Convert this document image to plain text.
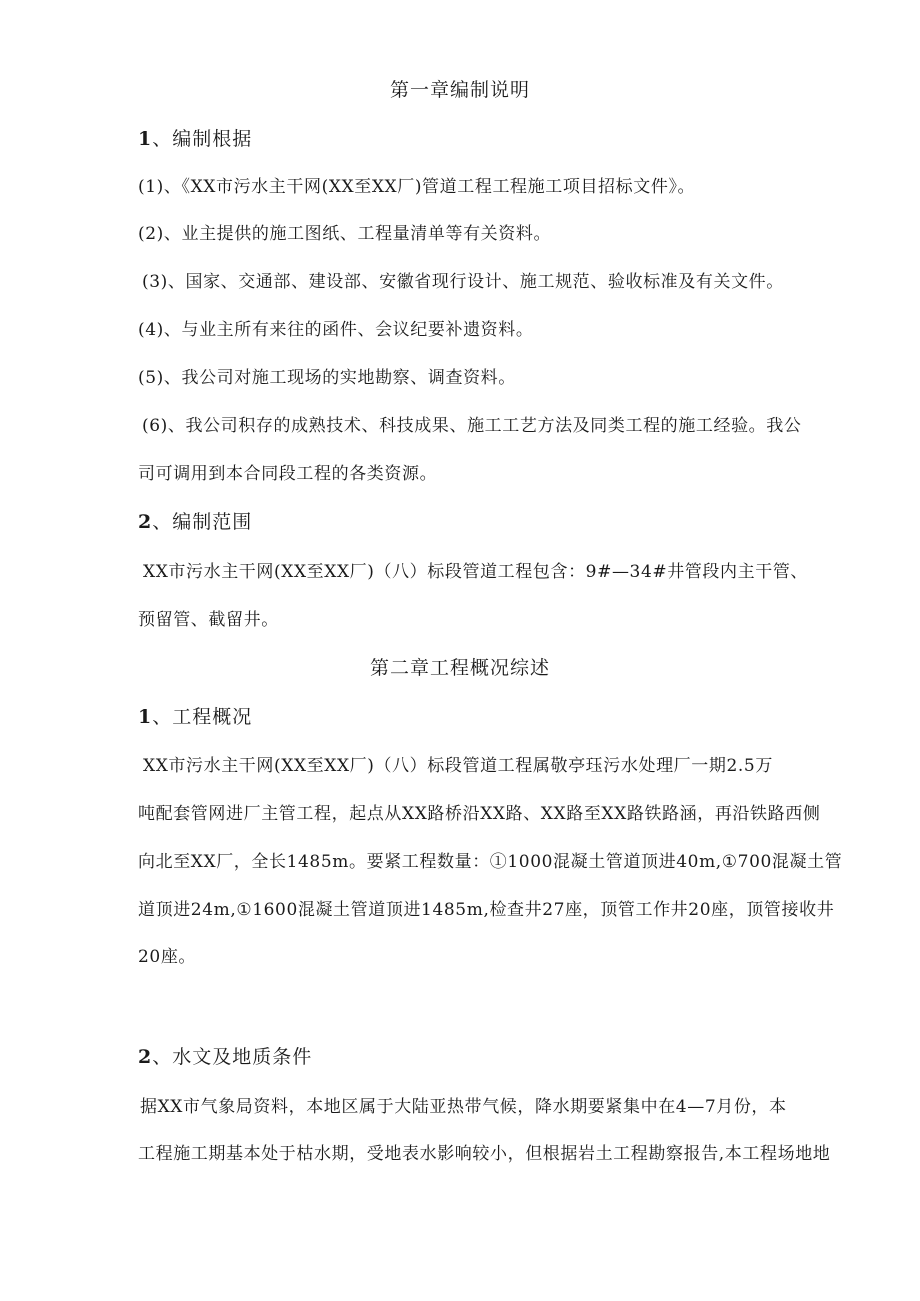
第一章编制说明
1、编制根据
(1)、《XX市污水主干网(XX至XX厂)管道工程工程施工项目招标文件》。
(2)、业主提供的施工图纸、工程量清单等有关资料。
(3)、国家、交通部、建设部、安徽省现行设计、施工规范、验收标准及有关文件。
(4)、与业主所有来往的函件、会议纪要补遗资料。
(5)、我公司对施工现场的实地勘察、调查资料。
(6)、我公司积存的成熟技术、科技成果、施工工艺方法及同类工程的施工经验。我公
司可调用到本合同段工程的各类资源。
2、编制范围
XX市污水主干网(XX至XX厂)（八）标段管道工程包含：9#—34#井管段内主干管、
预留管、截留井。
第二章工程概况综述
1、工程概况
XX市污水主干网(XX至XX厂)（八）标段管道工程属敬亭珏污水处理厂一期2.5万
吨配套管网进厂主管工程，起点从XX路桥沿XX路、XX路至XX路铁路涵，再沿铁路西侧
向北至XX厂，全长1485m。要紧工程数量：①1000混凝土管道顶进40m,①700混凝土管
道顶进24m,①1600混凝土管道顶进1485m,检查井27座，顶管工作井20座，顶管接收井
20座。
2、水文及地质条件
据XX市气象局资料，本地区属于大陆亚热带气候，降水期要紧集中在4—7月份，本
工程施工期基本处于枯水期，受地表水影响较小，但根据岩土工程勘察报告,本工程场地地
